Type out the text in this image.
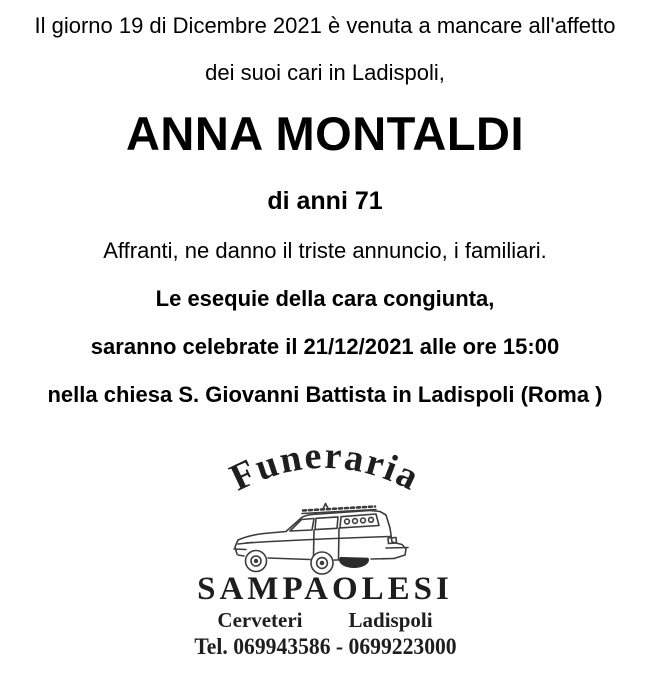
Il giorno 19 di Dicembre 2021 è venuta a mancare all'affetto

dei suoi cari in Ladispoli,

ANNA MONTALDI

di anni 71

Affranti, ne danno il triste annuncio, i familiari.

Le esequie della cara congiunta,

saranno celebrate il 21/12/2021 alle ore 15:00

nella chiesa S. Giovanni Battista in Ladispoli (Roma )

Funeraria
SAMPAOLESI
Cerveteri Ladispoli
Tel. 069943586 - 0699223000
